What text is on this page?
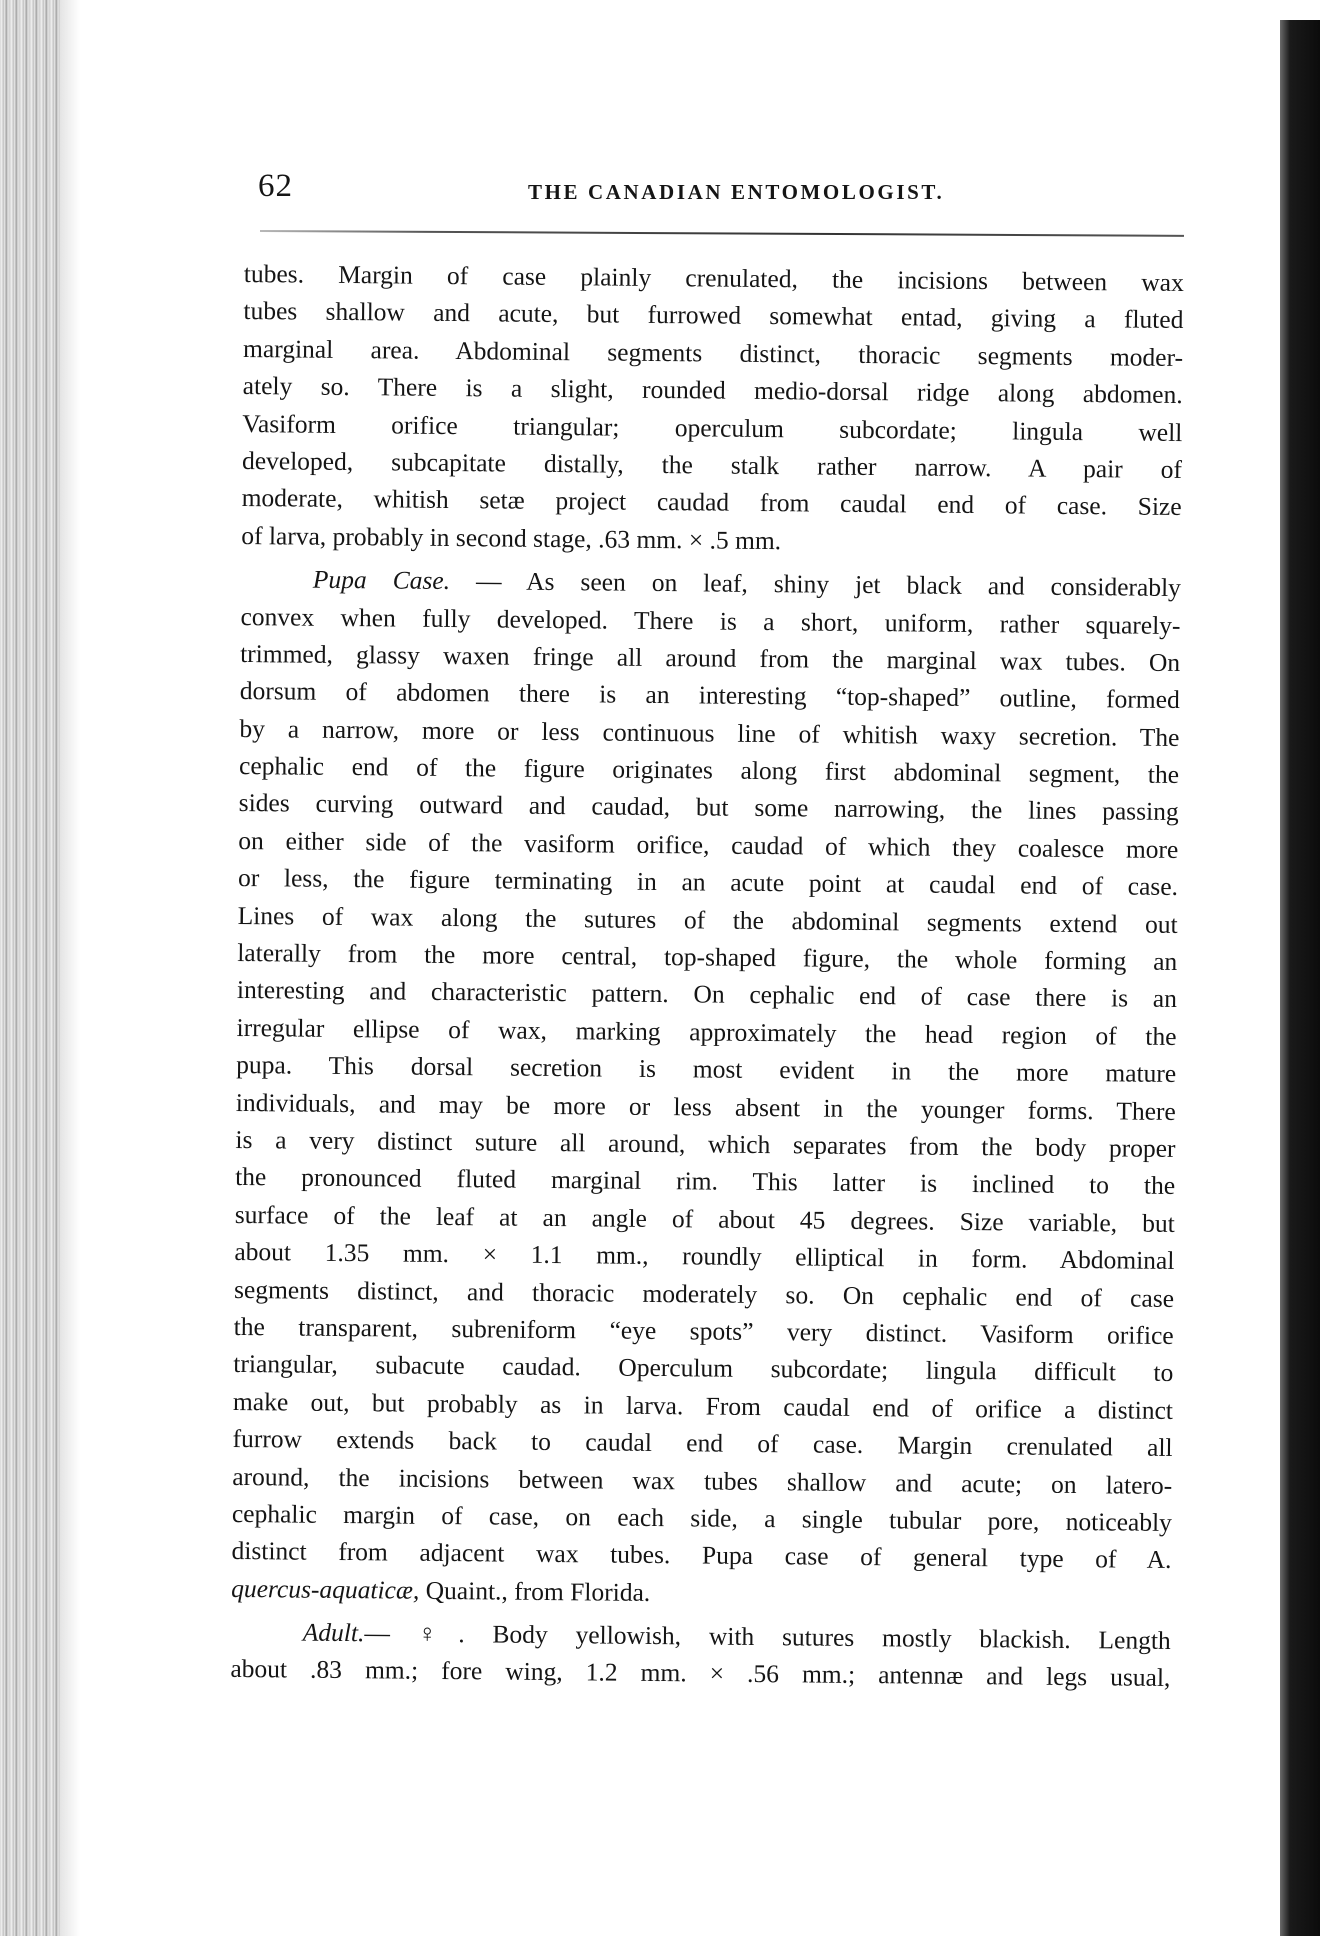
62	THE CANADIAN ENTOMOLOGIST.
tubes. Margin of case plainly crenulated, the incisions between wax
tubes shallow and acute, but furrowed somewhat entad, giving a fluted
marginal area. Abdominal segments distinct, thoracic segments moder-
ately so. There is a slight, rounded medio-dorsal ridge along abdomen.
Vasiform orifice triangular; operculum subcordate; lingula well
developed, subcapitate distally, the stalk rather narrow. A pair of
moderate, whitish setæ project caudad from caudal end of case. Size
of larva, probably in second stage, .63 mm. × .5 mm.
Pupa Case. — As seen on leaf, shiny jet black and considerably
convex when fully developed. There is a short, uniform, rather squarely-
trimmed, glassy waxen fringe all around from the marginal wax tubes. On
dorsum of abdomen there is an interesting “top-shaped” outline, formed
by a narrow, more or less continuous line of whitish waxy secretion. The
cephalic end of the figure originates along first abdominal segment, the
sides curving outward and caudad, but some narrowing, the lines passing
on either side of the vasiform orifice, caudad of which they coalesce more
or less, the figure terminating in an acute point at caudal end of case.
Lines of wax along the sutures of the abdominal segments extend out
laterally from the more central, top-shaped figure, the whole forming an
interesting and characteristic pattern. On cephalic end of case there is an
irregular ellipse of wax, marking approximately the head region of the
pupa. This dorsal secretion is most evident in the more mature
individuals, and may be more or less absent in the younger forms. There
is a very distinct suture all around, which separates from the body proper
the pronounced fluted marginal rim. This latter is inclined to the
surface of the leaf at an angle of about 45 degrees. Size variable, but
about 1.35 mm. × 1.1 mm., roundly elliptical in form. Abdominal
segments distinct, and thoracic moderately so. On cephalic end of case
the transparent, subreniform “eye spots” very distinct. Vasiform orifice
triangular, subacute caudad. Operculum subcordate; lingula difficult to
make out, but probably as in larva. From caudal end of orifice a distinct
furrow extends back to caudal end of case. Margin crenulated all
around, the incisions between wax tubes shallow and acute; on latero-
cephalic margin of case, on each side, a single tubular pore, noticeably
distinct from adjacent wax tubes. Pupa case of general type of A.
quercus-aquaticæ, Quaint., from Florida.
Adult.— ♀. Body yellowish, with sutures mostly blackish. Length
about .83 mm.; fore wing, 1.2 mm. × .56 mm.; antennæ and legs usual,
